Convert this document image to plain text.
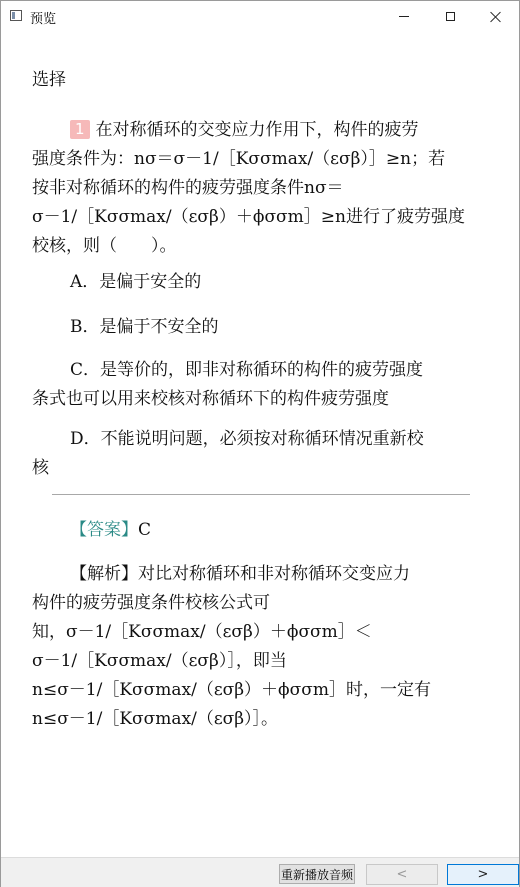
预览
选择
1 在对称循环的交变应力作用下，构件的疲劳
强度条件为：nσ＝σ－1/［Kσσmax/（εσβ）］≥n；若
按非对称循环的构件的疲劳强度条件nσ＝
σ－1/［Kσσmax/（εσβ）＋ϕσσm］≥n进行了疲劳强度
校核，则（　　）。
A．是偏于安全的
B．是偏于不安全的
C．是等价的，即非对称循环的构件的疲劳强度
条式也可以用来校核对称循环下的构件疲劳强度
D．不能说明问题，必须按对称循环情况重新校
核
【答案】C

【解析】对比对称循环和非对称循环交变应力

构件的疲劳强度条件校核公式可

知，σ－1/［Kσσmax/（εσβ）＋ϕσσm］＜

σ－1/［Kσσmax/（εσβ）］，即当

n≤σ－1/［Kσσmax/（εσβ）＋ϕσσm］时，一定有

n≤σ－1/［Kσσmax/（εσβ）］。

重新播放音频	<	>
